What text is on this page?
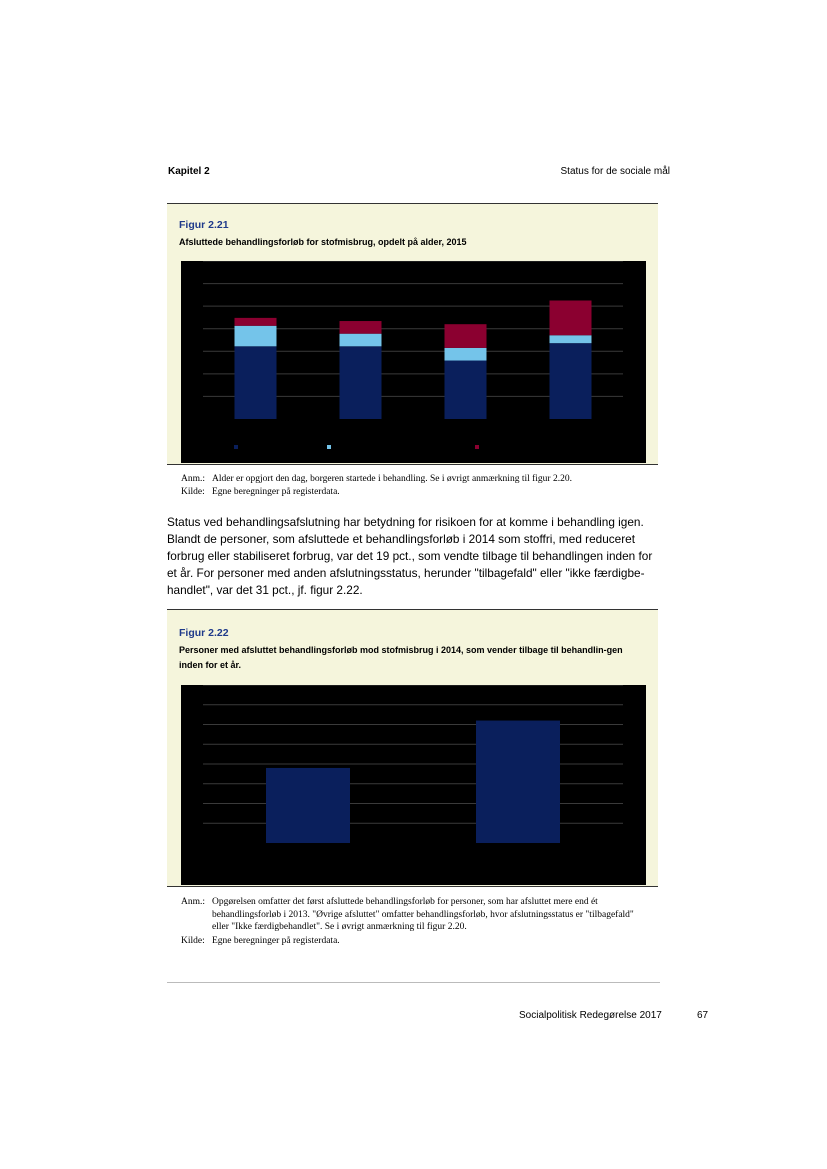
Kapitel 2	Status for de sociale mål
Figur 2.21
Afsluttede behandlingsforløb for stofmisbrug, opdelt på alder, 2015
Anm.: Alder er opgjort den dag, borgeren startede i behandling. Se i øvrigt anmærkning til figur 2.20.
Kilde: Egne beregninger på registerdata.
Status ved behandlingsafslutning har betydning for risikoen for at komme i behandling igen. Blandt de personer, som afsluttede et behandlingsforløb i 2014 som stoffri, med reduceret forbrug eller stabiliseret forbrug, var det 19 pct., som vendte tilbage til behandlingen inden for et år. For personer med anden afslutningsstatus, herunder "tilbagefald" eller "ikke færdigbe-handlet", var det 31 pct., jf. figur 2.22.
Figur 2.22
Personer med afsluttet behandlingsforløb mod stofmisbrug i 2014, som vender tilbage til behandlin-gen inden for et år.
Anm.: Opgørelsen omfatter det først afsluttede behandlingsforløb for personer, som har afsluttet mere end ét behandlingsforløb i 2013. "Øvrige afsluttet" omfatter behandlingsforløb, hvor afslutningsstatus er "tilbagefald" eller "Ikke færdigbehandlet". Se i øvrigt anmærkning til figur 2.20.
Kilde: Egne beregninger på registerdata.
Socialpolitisk Redegørelse 2017	67
